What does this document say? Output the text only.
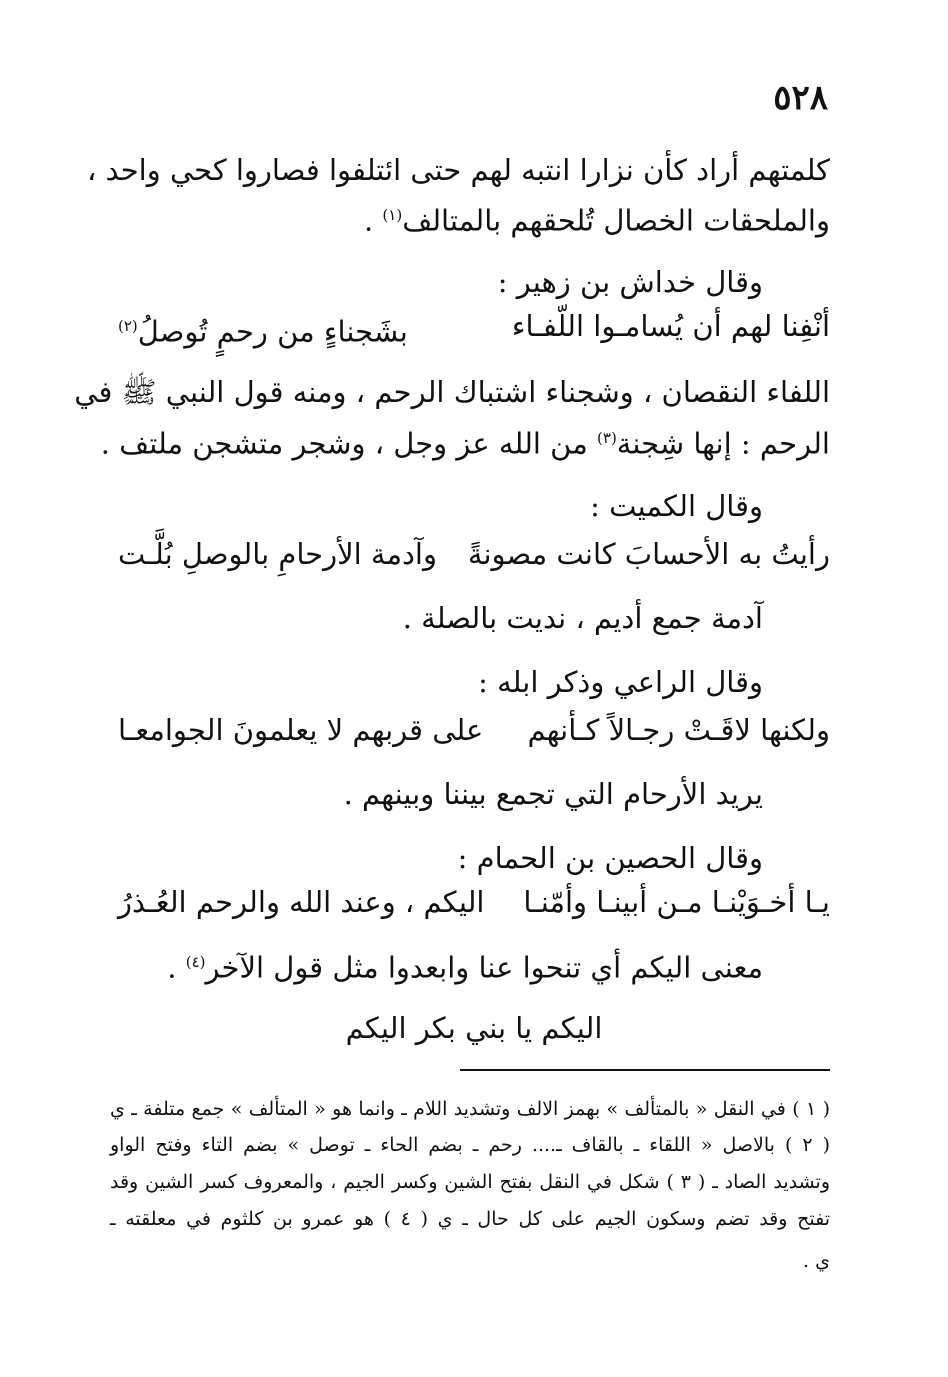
٥٢٨
كلمتهم أراد كأن نزارا انتبه لهم حتى ائتلفوا فصاروا كحي واحد ،
والملحقات الخصال تُلحقهم بالمتالف$^{(١)}$ .
وقال خداش بن زهير :
أنْفِنا لهم أن يُسامـوا اللّفـاء
بشَجناءٍ من رحمٍ تُوصلُ$^{(٢)}$
اللفاء النقصان ، وشجناء اشتباك الرحم ، ومنه قول النبي ﷺ في
الرحم : إنها شِجنة$^{(٣)}$ من الله عز وجل ، وشجر متشجن ملتف .
وقال الكميت :
رأيتُ به الأحسابَ كانت مصونةً
وآدمة الأرحامِ بالوصلِ بُلَّـت
آدمة جمع أديم ، نديت بالصلة .
وقال الراعي وذكر ابله :
ولكنها لاقَـتْ رجـالاً كـأنهم
على قربهم لا يعلمونَ الجوامعـا
يريد الأرحام التي تجمع بيننا وبينهم .
وقال الحصين بن الحمام :
يـا أخـوَيْنـا مـن أبينـا وأمّنـا
اليكم ، وعند الله والرحم العُـذرُ
معنى اليكم أي تنحوا عنا وابعدوا مثل قول الآخر$^{(٤)}$ .
اليكم يا بني بكر اليكم
( ١ ) في النقل « بالمتألف » بهمز الالف وتشديد اللام ـ وانما هو « المتألف » جمع متلفة ـ ي
( ٢ ) بالاصل « اللقاء ـ بالقاف ـ.... رحم ـ بضم الحاء ـ توصل » بضم التاء وفتح الواو
وتشديد الصاد ـ ( ٣ ) شكل في النقل بفتح الشين وكسر الجيم ، والمعروف كسر الشين وقد
تفتح وقد تضم وسكون الجيم على كل حال ـ ي ( ٤ ) هو عمرو بن كلثوم في معلقته ـ
ي .
